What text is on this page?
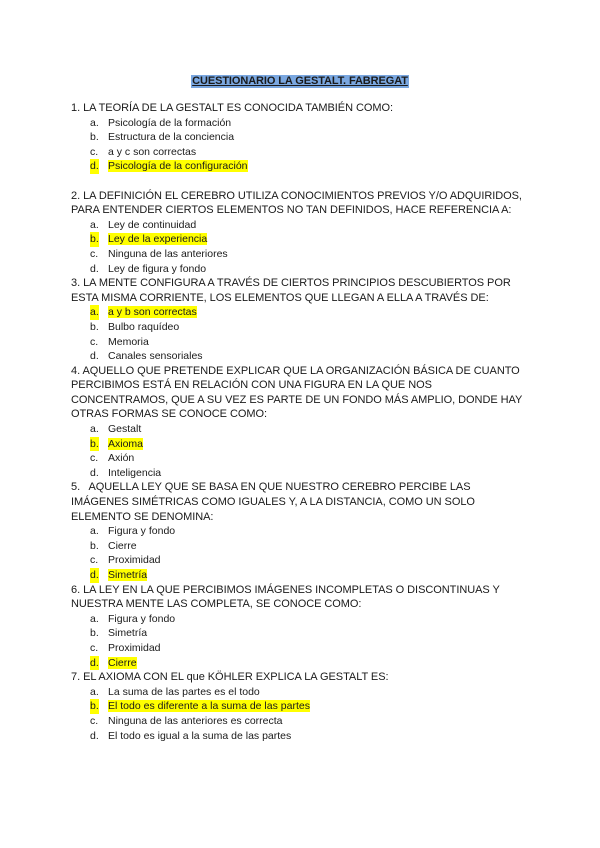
CUESTIONARIO LA GESTALT. FABREGAT

1. LA TEORÍA DE LA GESTALT ES CONOCIDA TAMBIÉN COMO:

a. Psicología de la formación
b. Estructura de la conciencia
c. a y c son correctas
d. Psicología de la configuración

2. LA DEFINICIÓN EL CEREBRO UTILIZA CONOCIMIENTOS PREVIOS Y/O ADQUIRIDOS, PARA ENTENDER CIERTOS ELEMENTOS NO TAN DEFINIDOS, HACE REFERENCIA A:

a. Ley de continuidad
b. Ley de la experiencia
c. Ninguna de las anteriores
d. Ley de figura y fondo

3. LA MENTE CONFIGURA A TRAVÉS DE CIERTOS PRINCIPIOS DESCUBIERTOS POR ESTA MISMA CORRIENTE, LOS ELEMENTOS QUE LLEGAN A ELLA A TRAVÉS DE:

a. a y b son correctas
b. Bulbo raquídeo
c. Memoria
d. Canales sensoriales

4. AQUELLO QUE PRETENDE EXPLICAR QUE LA ORGANIZACIÓN BÁSICA DE CUANTO PERCIBIMOS ESTÁ EN RELACIÓN CON UNA FIGURA EN LA QUE NOS CONCENTRAMOS, QUE A SU VEZ ES PARTE DE UN FONDO MÁS AMPLIO, DONDE HAY OTRAS FORMAS SE CONOCE COMO:

a. Gestalt
b. Axioma
c. Axión
d. Inteligencia

5.   AQUELLA LEY QUE SE BASA EN QUE NUESTRO CEREBRO PERCIBE LAS IMÁGENES SIMÉTRICAS COMO IGUALES Y, A LA DISTANCIA, COMO UN SOLO ELEMENTO SE DENOMINA:

a. Figura y fondo
b. Cierre
c. Proximidad
d. Simetría

6. LA LEY EN LA QUE PERCIBIMOS IMÁGENES INCOMPLETAS O DISCONTINUAS Y NUESTRA MENTE LAS COMPLETA, SE CONOCE COMO:

a. Figura y fondo
b. Simetría
c. Proximidad
d. Cierre

7. EL AXIOMA CON EL que KÖHLER EXPLICA LA GESTALT ES:

a. La suma de las partes es el todo
b. El todo es diferente a la suma de las partes
c. Ninguna de las anteriores es correcta
d. El todo es igual a la suma de las partes
